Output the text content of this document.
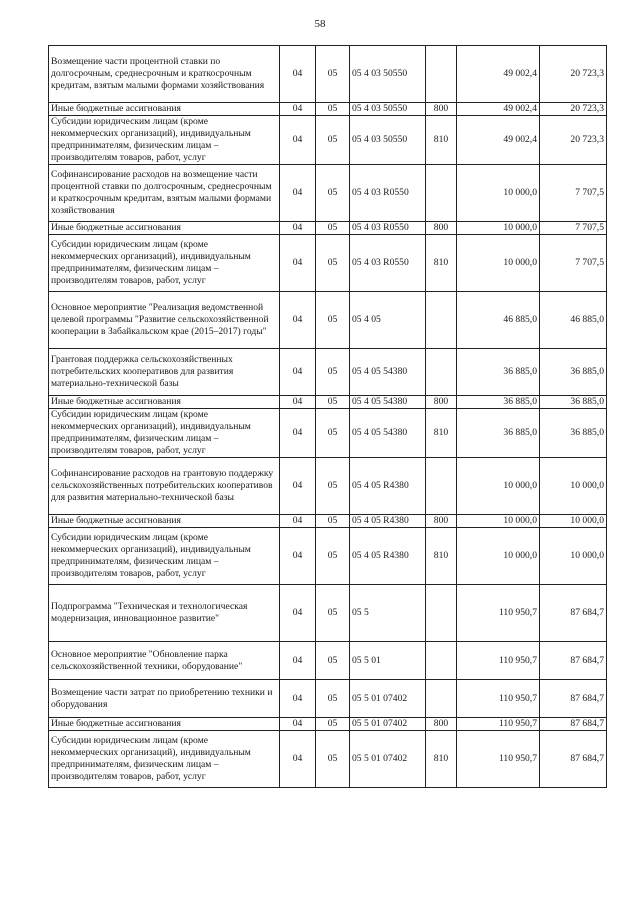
58
Возмещение части процентной ставки по долгосрочным, среднесрочным и краткосрочным кредитам, взятым малыми формами хозяйствования	04	05	05 4 03 50550		49 002,4	20 723,3
Иные бюджетные ассигнования	04	05	05 4 03 50550	800	49 002,4	20 723,3
Субсидии юридическим лицам (кроме некоммерческих организаций), индивидуальным предпринимателям, физическим лицам – производителям товаров, работ, услуг	04	05	05 4 03 50550	810	49 002,4	20 723,3
Софинансирование расходов на возмещение части процентной ставки по долгосрочным, среднесрочным и краткосрочным кредитам, взятым малыми формами хозяйствования	04	05	05 4 03 R0550		10 000,0	7 707,5
Иные бюджетные ассигнования	04	05	05 4 03 R0550	800	10 000,0	7 707,5
Субсидии юридическим лицам (кроме некоммерческих организаций), индивидуальным предпринимателям, физическим лицам – производителям товаров, работ, услуг	04	05	05 4 03 R0550	810	10 000,0	7 707,5
Основное мероприятие "Реализация ведомственной целевой программы "Развитие сельскохозяйственной кооперации в Забайкальском крае (2015–2017) годы"	04	05	05 4 05		46 885,0	46 885,0
Грантовая поддержка сельскохозяйственных потребительских кооперативов для развития материально-технической базы	04	05	05 4 05 54380		36 885,0	36 885,0
Иные бюджетные ассигнования	04	05	05 4 05 54380	800	36 885,0	36 885,0
Субсидии юридическим лицам (кроме некоммерческих организаций), индивидуальным предпринимателям, физическим лицам – производителям товаров, работ, услуг	04	05	05 4 05 54380	810	36 885,0	36 885,0
Софинансирование расходов на грантовую поддержку сельскохозяйственных потребительских кооперативов для развития материально-технической базы	04	05	05 4 05 R4380		10 000,0	10 000,0
Иные бюджетные ассигнования	04	05	05 4 05 R4380	800	10 000,0	10 000,0
Субсидии юридическим лицам (кроме некоммерческих организаций), индивидуальным предпринимателям, физическим лицам – производителям товаров, работ, услуг	04	05	05 4 05 R4380	810	10 000,0	10 000,0
Подпрограмма "Техническая и технологическая модернизация, инновационное развитие"	04	05	05 5		110 950,7	87 684,7
Основное мероприятие "Обновление парка сельскохозяйственной техники, оборудование"	04	05	05 5 01		110 950,7	87 684,7
Возмещение части затрат по приобретению техники и оборудования	04	05	05 5 01 07402		110 950,7	87 684,7
Иные бюджетные ассигнования	04	05	05 5 01 07402	800	110 950,7	87 684,7
Субсидии юридическим лицам (кроме некоммерческих организаций), индивидуальным предпринимателям, физическим лицам – производителям товаров, работ, услуг	04	05	05 5 01 07402	810	110 950,7	87 684,7
